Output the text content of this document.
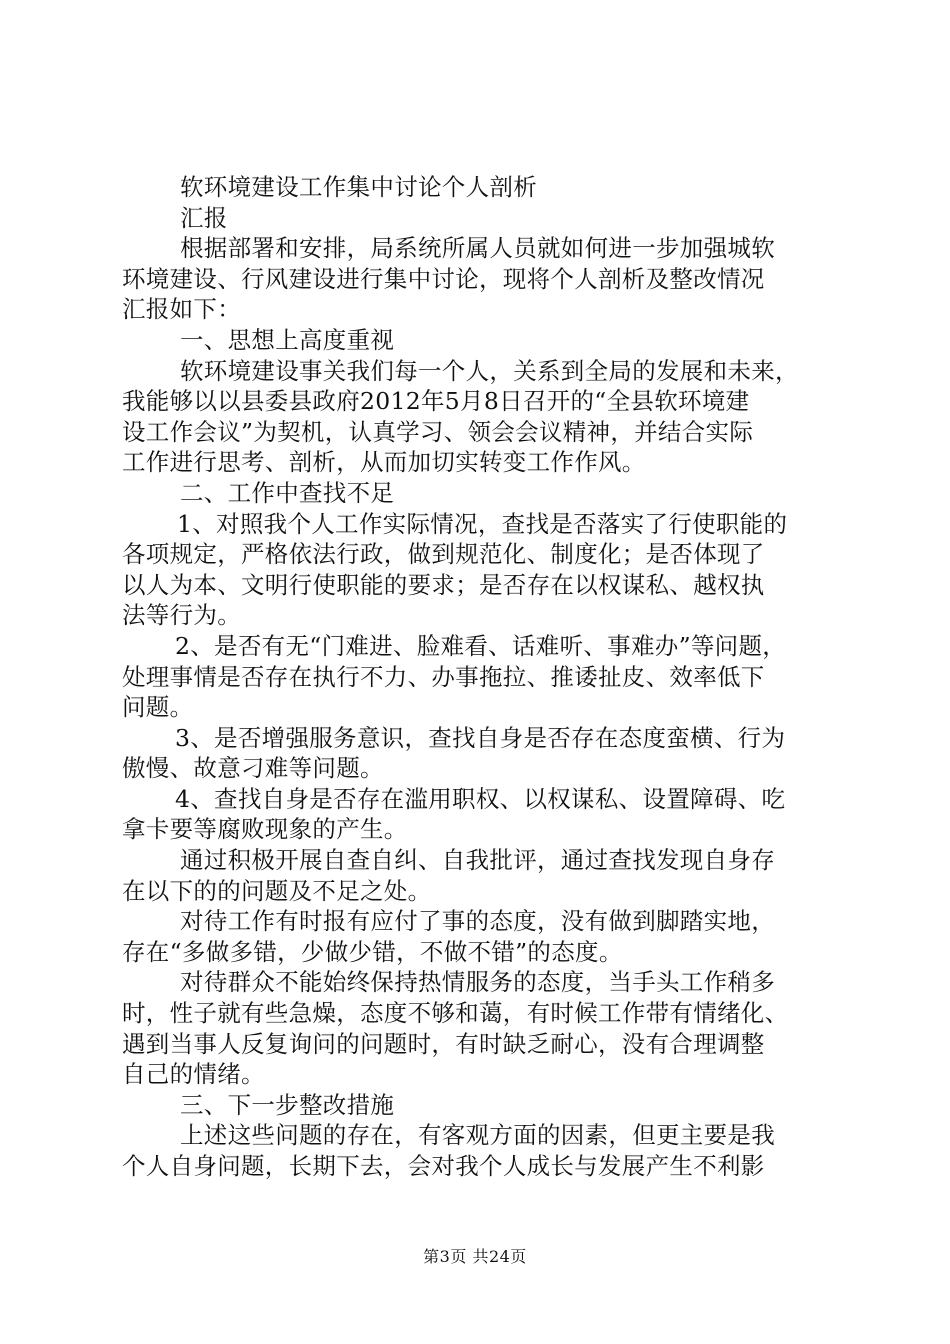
软环境建设工作集中讨论个人剖析
汇报
根据部署和安排，局系统所属人员就如何进一步加强城软
环境建设、行风建设进行集中讨论，现将个人剖析及整改情况
汇报如下：
一、思想上高度重视
软环境建设事关我们每一个人，关系到全局的发展和未来，
我能够以以县委县政府2012年5月8日召开的“全县软环境建
设工作会议”为契机，认真学习、领会会议精神，并结合实际
工作进行思考、剖析，从而加切实转变工作作风。
二、工作中查找不足
1、对照我个人工作实际情况，查找是否落实了行使职能的
各项规定，严格依法行政，做到规范化、制度化；是否体现了
以人为本、文明行使职能的要求；是否存在以权谋私、越权执
法等行为。
2、是否有无“门难进、脸难看、话难听、事难办”等问题，
处理事情是否存在执行不力、办事拖拉、推诿扯皮、效率低下
问题。
3、是否增强服务意识，查找自身是否存在态度蛮横、行为
傲慢、故意刁难等问题。
4、查找自身是否存在滥用职权、以权谋私、设置障碍、吃
拿卡要等腐败现象的产生。
通过积极开展自查自纠、自我批评，通过查找发现自身存
在以下的的问题及不足之处。
对待工作有时报有应付了事的态度，没有做到脚踏实地，
存在“多做多错，少做少错，不做不错”的态度。
对待群众不能始终保持热情服务的态度，当手头工作稍多
时，性子就有些急燥，态度不够和蔼，有时候工作带有情绪化、
遇到当事人反复询问的问题时，有时缺乏耐心，没有合理调整
自己的情绪。
三、下一步整改措施
上述这些问题的存在，有客观方面的因素，但更主要是我
个人自身问题，长期下去，会对我个人成长与发展产生不利影
第3页 共24页
